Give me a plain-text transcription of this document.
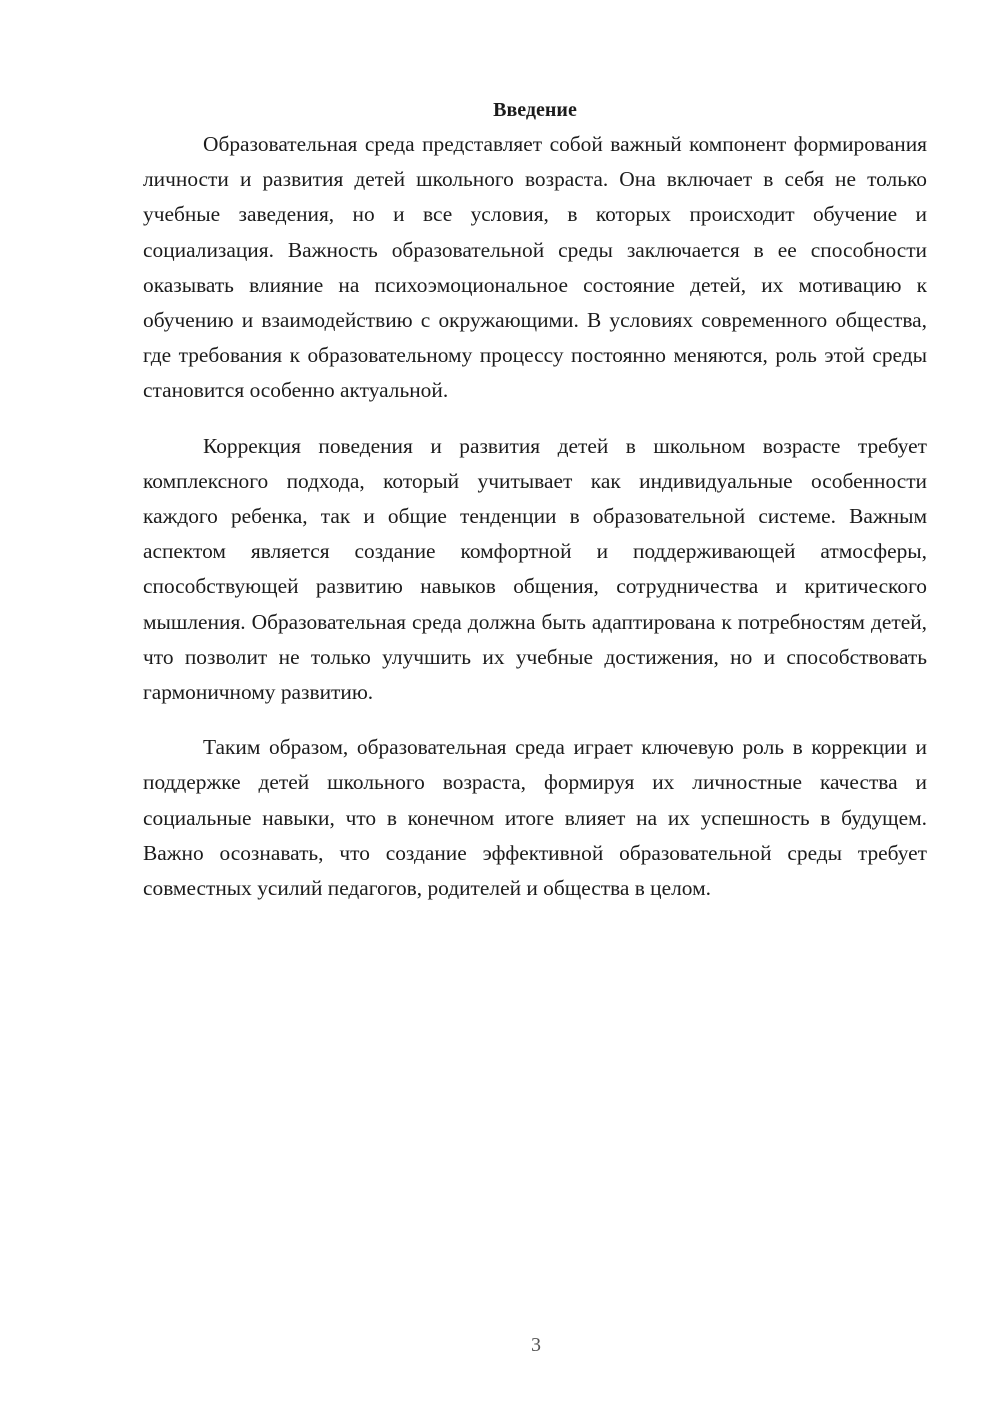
Введение

Образовательная среда представляет собой важный компонент формирования личности и развития детей школьного возраста. Она включает в себя не только учебные заведения, но и все условия, в которых происходит обучение и социализация. Важность образовательной среды заключается в ее способности оказывать влияние на психоэмоциональное состояние детей, их мотивацию к обучению и взаимодействию с окружающими. В условиях современного общества, где требования к образовательному процессу постоянно меняются, роль этой среды становится особенно актуальной.

Коррекция поведения и развития детей в школьном возрасте требует комплексного подхода, который учитывает как индивидуальные особенности каждого ребенка, так и общие тенденции в образовательной системе. Важным аспектом является создание комфортной и поддерживающей атмосферы, способствующей развитию навыков общения, сотрудничества и критического мышления. Образовательная среда должна быть адаптирована к потребностям детей, что позволит не только улучшить их учебные достижения, но и способствовать гармоничному развитию.

Таким образом, образовательная среда играет ключевую роль в коррекции и поддержке детей школьного возраста, формируя их личностные качества и социальные навыки, что в конечном итоге влияет на их успешность в будущем. Важно осознавать, что создание эффективной образовательной среды требует совместных усилий педагогов, родителей и общества в целом.

3
